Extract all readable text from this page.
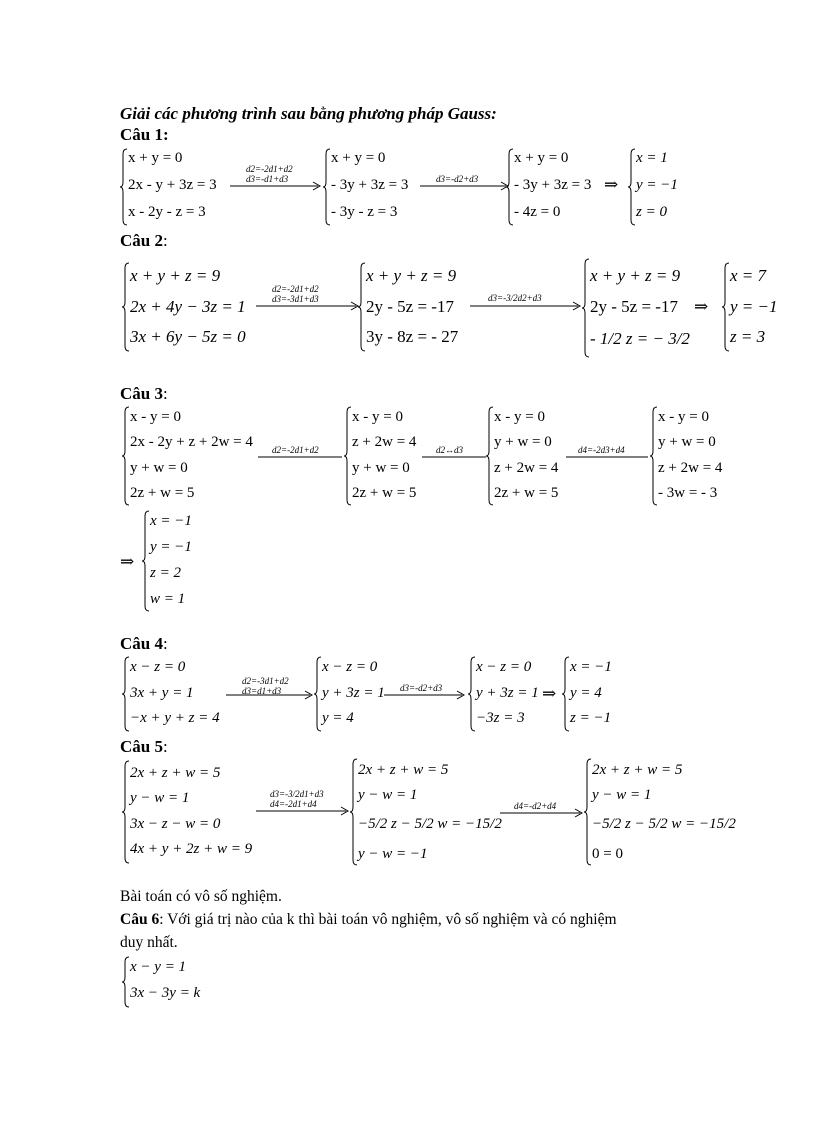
Giải các phương trình sau bằng phương pháp Gauss:
Câu 1:
x + y = 0
2x - y + 3z = 3
x - 2y - z = 3
d2=-2d1+d2
d3=-d1+d3
x + y = 0
- 3y + 3z = 3
- 3y - z = 3
d3=-d2+d3
x + y = 0
- 3y + 3z = 3
- 4z = 0
⇒
x = 1
y = −1
z = 0
Câu 2:
x + y + z = 9
2x + 4y − 3z = 1
3x + 6y − 5z = 0
d2=-2d1+d2
d3=-3d1+d3
x + y + z = 9
2y - 5z = -17
3y - 8z = - 27
d3=-3/2d2+d3
x + y + z = 9
2y - 5z = -17
- 1/2 z = − 3/2
⇒
x = 7
y = −1
z = 3
Câu 3:
x - y = 0
2x - 2y + z + 2w = 4
y + w = 0
2z + w = 5
d2=-2d1+d2
x - y = 0
z + 2w = 4
y + w = 0
2z + w = 5
d2↔d3
x - y = 0
y + w = 0
z + 2w = 4
2z + w = 5
d4=-2d3+d4
x - y = 0
y + w = 0
z + 2w = 4
- 3w = - 3
⇒
x = −1
y = −1
z = 2
w = 1
Câu 4:
x − z = 0
3x + y = 1
−x + y + z = 4
d2=-3d1+d2
d3=d1+d3
x − z = 0
y + 3z = 1
y = 4
d3=-d2+d3
x − z = 0
y + 3z = 1
−3z = 3
⇒
x = −1
y = 4
z = −1
Câu 5:
2x + z + w = 5
y − w = 1
3x − z − w = 0
4x + y + 2z + w = 9
d3=-3/2d1+d3
d4=-2d1+d4
2x + z + w = 5
y − w = 1
−5/2 z − 5/2 w = −15/2
y − w = −1
d4=-d2+d4
2x + z + w = 5
y − w = 1
−5/2 z − 5/2 w = −15/2
0 = 0
Bài toán có vô số nghiệm.
Câu 6: Với giá trị nào của k thì bài toán vô nghiệm, vô số nghiệm và có nghiệm
duy nhất.
x − y = 1
3x − 3y = k
